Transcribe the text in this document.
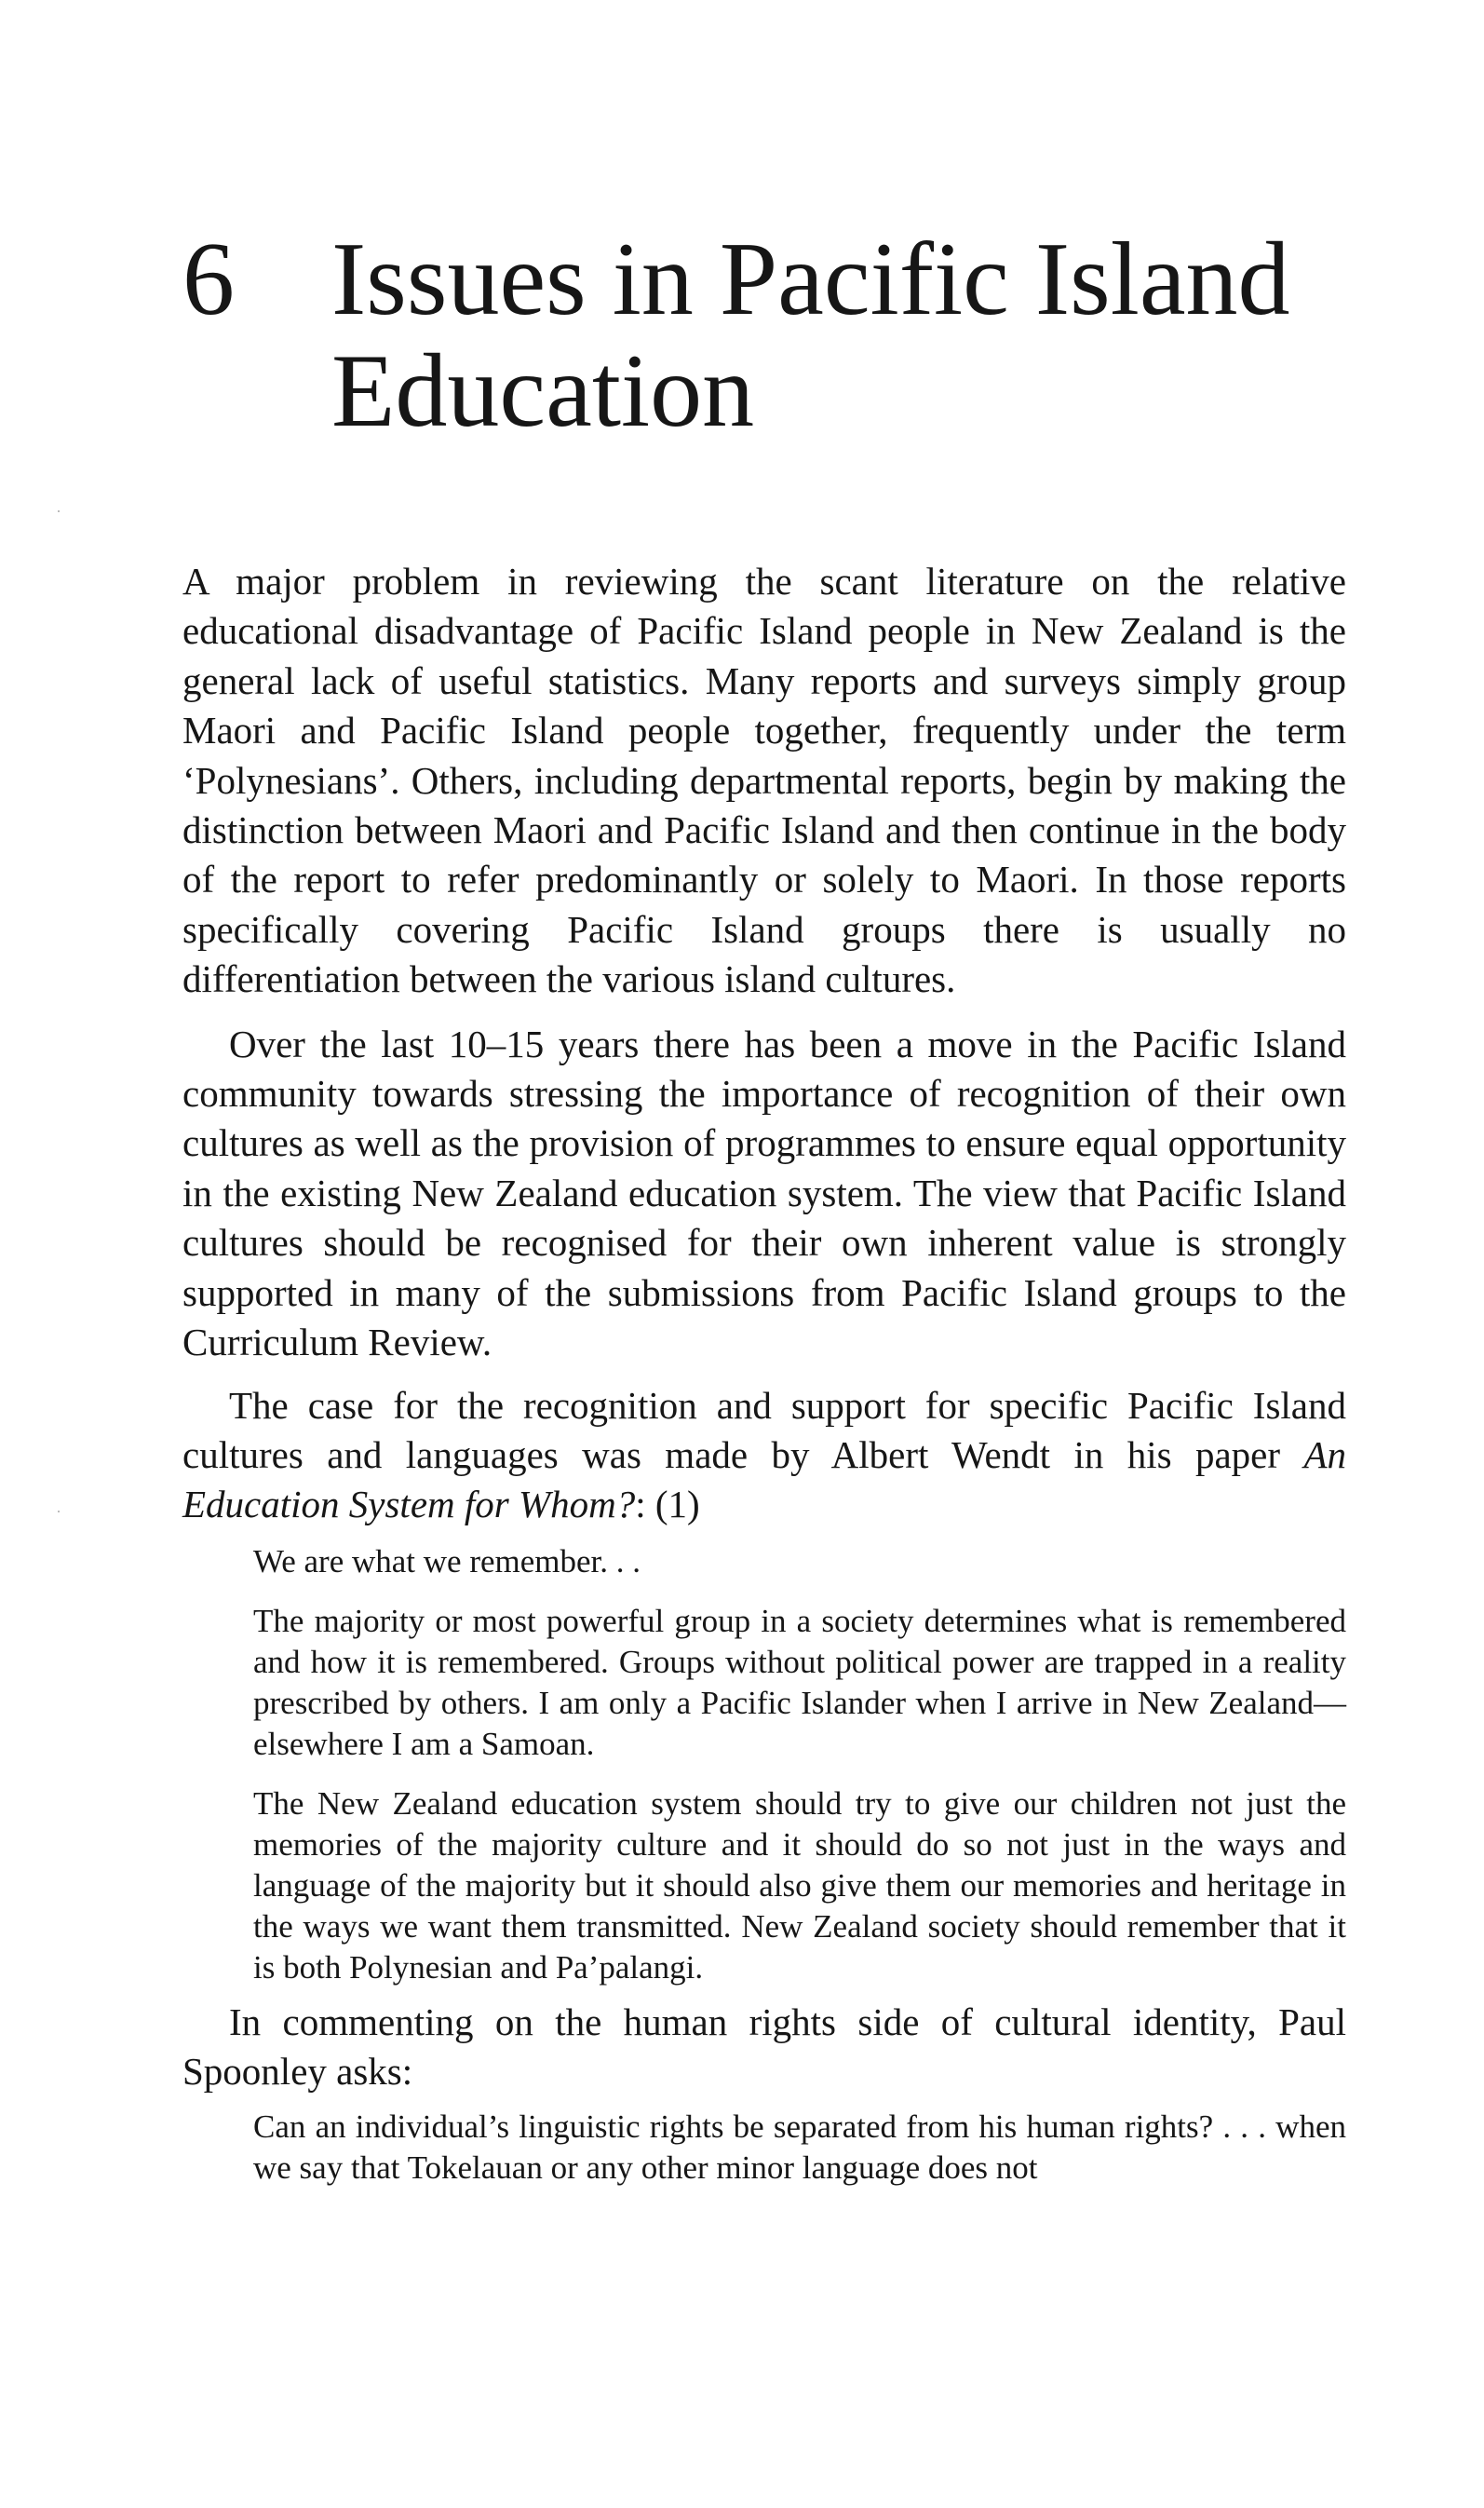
6 Issues in Pacific Island Education

A major problem in reviewing the scant literature on the relative educational disadvantage of Pacific Island people in New Zealand is the general lack of useful statistics. Many reports and surveys simply group Maori and Pacific Island people together, frequently under the term ‘Polynesians’. Others, including departmental reports, begin by making the distinction between Maori and Pacific Island and then continue in the body of the report to refer predominantly or solely to Maori. In those reports specifically covering Pacific Island groups there is usually no differentiation between the various island cultures.

Over the last 10–15 years there has been a move in the Pacific Island community towards stressing the importance of recognition of their own cultures as well as the provision of programmes to ensure equal opportunity in the existing New Zealand education system. The view that Pacific Island cultures should be recognised for their own inherent value is strongly supported in many of the submissions from Pacific Island groups to the Curriculum Review.

The case for the recognition and support for specific Pacific Island cultures and languages was made by Albert Wendt in his paper An Education System for Whom?: (1)

We are what we remember. . .

The majority or most powerful group in a society determines what is remembered and how it is remembered. Groups without political power are trapped in a reality prescribed by others. I am only a Pacific Islander when I arrive in New Zealand—elsewhere I am a Samoan.

The New Zealand education system should try to give our children not just the memories of the majority culture and it should do so not just in the ways and language of the majority but it should also give them our memories and heritage in the ways we want them transmitted. New Zealand society should remember that it is both Polynesian and Pa’palangi.

In commenting on the human rights side of cultural identity, Paul Spoonley asks:

Can an individual’s linguistic rights be separated from his human rights? . . . when we say that Tokelauan or any other minor language does not
